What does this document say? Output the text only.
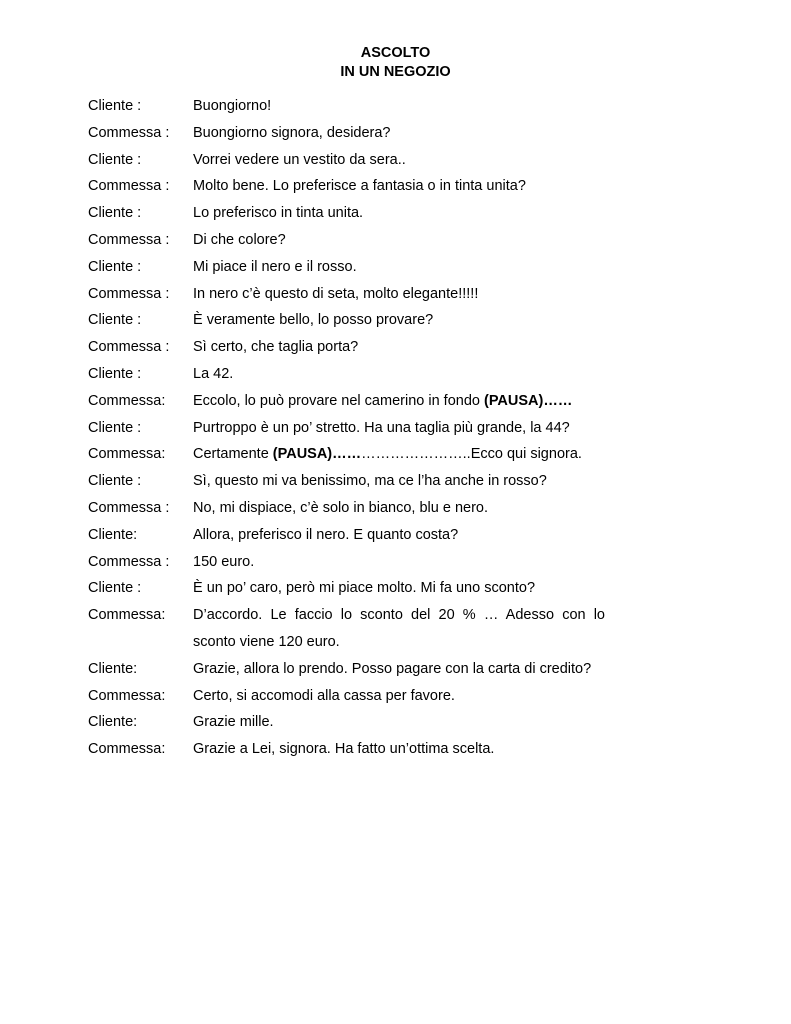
ASCOLTO
IN UN NEGOZIO
Cliente :	Buongiorno!
Commessa :	Buongiorno signora, desidera?
Cliente :	Vorrei vedere un vestito da sera..
Commessa :	Molto bene. Lo preferisce a fantasia o in tinta unita?
Cliente :	Lo preferisco in tinta unita.
Commessa :	Di che colore?
Cliente :	Mi piace il nero e il rosso.
Commessa :	In nero c’è questo di seta, molto elegante!!!!!
Cliente :	È veramente bello, lo posso provare?
Commessa :	Sì certo, che taglia porta?
Cliente :	La 42.
Commessa:	Eccolo, lo può provare nel camerino in fondo (PAUSA)……
Cliente :	Purtroppo è un po’ stretto. Ha una taglia più grande, la 44?
Commessa:	Certamente (PAUSA)………………………..Ecco qui signora.
Cliente :	Sì, questo mi va benissimo, ma ce l’ha anche in rosso?
Commessa :	No, mi dispiace, c’è solo in bianco, blu e nero.
Cliente:	Allora, preferisco il nero. E quanto costa?
Commessa :	150 euro.
Cliente :	È un po’ caro, però mi piace molto. Mi fa uno sconto?
Commessa:	D’accordo. Le faccio lo sconto del 20 % … Adesso con lo sconto viene 120 euro.
Cliente:	Grazie, allora lo prendo. Posso pagare con la carta di credito?
Commessa:	Certo, si accomodi alla cassa per favore.
Cliente:	Grazie mille.
Commessa:	Grazie a Lei, signora. Ha fatto un’ottima scelta.
